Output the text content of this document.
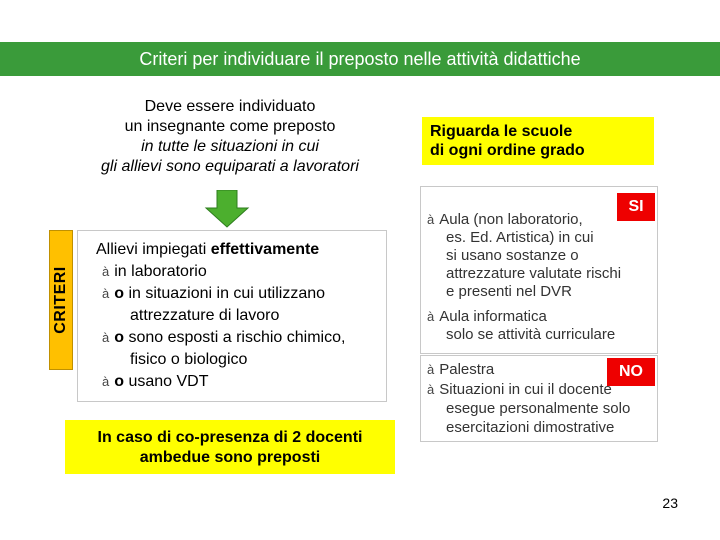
Criteri per individuare il preposto nelle attività didattiche
Deve essere individuato
un insegnante come preposto
in tutte le situazioni in cui
gli allievi sono equiparati a lavoratori
Riguarda le scuole
di ogni ordine grado
CRITERI
Allievi impiegati effettivamente
à in laboratorio
à o in situazioni in cui utilizzano
attrezzature di lavoro
à o sono esposti a rischio chimico,
fisico o biologico
à o usano VDT
In caso di co-presenza di 2 docenti
ambedue sono preposti
SI
à Aula (non laboratorio,
es. Ed. Artistica) in cui
si usano sostanze o
attrezzature valutate rischi
e presenti nel DVR
à Aula informatica
solo se attività curriculare
NO
à Palestra
à Situazioni in cui il docente
esegue personalmente solo
esercitazioni dimostrative
23
